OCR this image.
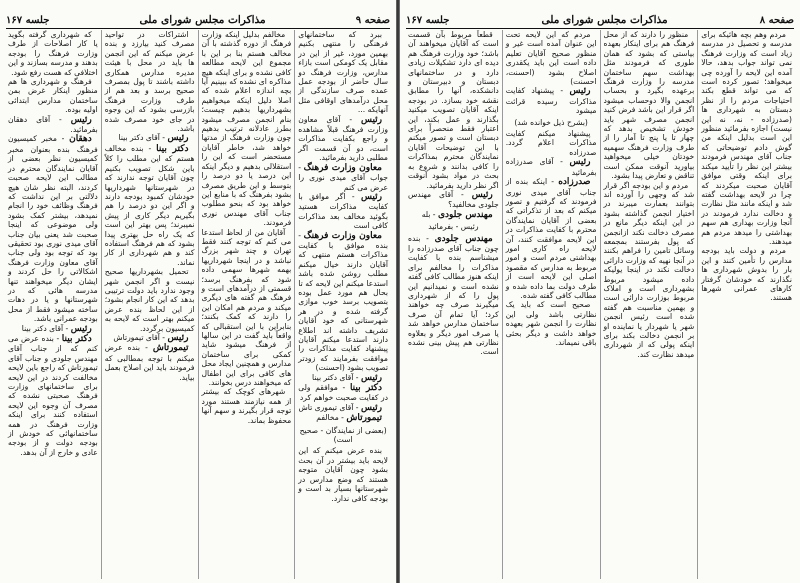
جلسه ۱۶۷	مذاکرات مجلس شورای ملی	صفحه ۹

ببرد که ساختمانهای فرهنگی را منتهی بکنیم بهمین مورد، غیر از این در مقابل یک کومکی است بازاء مدارس، وزارت فرهنگ دو سال حاضر از بودجه عمل عمده صرف سازندگی از محل درآمدهای اوقافی مثل آنهایکه ...

رئیس - آقای معاون وزارت فرهنگ قبلاً مشاهده و راجع بکفایت مذاکرات است، دو آن قسمت اگر مطلبی دارید بفرمائید.

معاون وزارت فرهنگ - جواب آقای میدی نوری را عرض می کنم

رئیس - اگر موافق با کفایت مذاکرات هستید بگوئید مخالف بعد مذاکرات کافی است

معاون وزارت فرهنگ - بنده موافق با کفایت مذاکرات هستم منتهی که آقایان دارند خیال میکنم مطلب روشن شده باشد استدعا میکنم این لایحه که تا بحال هم مورد عمل بوده بتصویب برسد خوب موازی گرفته شده و در هر شهرستانی که خود آقایان تشریف داشته اند اطلاع دارند استدعا میکنم آقایان پیشنهاد کفایت مذاکرات را موافقت بفرمایند که زودتر تصویب بشود (احسنت)

رئیس - آقای دکتر بینا

دکتر بینا - موافقم ولی در کفایت صحبت خواهم کرد

رئیس - آقای تیموری تاش

تیمورتاش - مخالفم

(بعضی از نمایندگان - صحیح است)

بنده عرض میکنم که این لایحه باید بیشتر در آن بحث بشود چون آقایان متوجه هستند که وضع مدارس در شهرستانها بسیار بد است و بودجه کافی ندارد.

مخالفم بدلیل اینکه وزارت فرهنگ از دوره گذشته با آن مخالف هستم بنا بر این با مجموع این لایحه مطالعه کافی نشده و برای اینکه هیچ مذاکره ای نشده که ببینیم آیا بچه اندازه اعلام شده که اصلا دلیل اینکه میخواهیم بشهرداریها بدهیم چیست؛ بنام انجمن مصرف میشود بطرز عادلانه ترتیب بدهیم چون وزارت فرهنگ از مدتها خواهد شد، خاطر آقایان مستحضر است که این را استقلالی بدهیم و دیگر اینکه این درصد یا دو درصد را بتوسط و این طریق مصرف بشود بفرهنگ که با منابع این خواهد بود که بنحو مطلوب جناب آقای مهندس نوری فرمودند.

آقایان من از لحاظ استدعا می کنم که توجه کنند فقط تهران و چند شهر بزرگ نباشد و در اینجا شهرداریها بهمه شهرها سهمی داده شود که بفرهنگ برسد؛ قسمتی از درآمدهای است و فرهنگ هم گفته های دیگری میکند و مردم هم امکان این را دارند که کمک بکنند؛ بنابراین با این استقبالی که واقعاً باید گفت در این سالها از فرهنگ میشود شاید کمکی برای ساختمان مدارس و همچنین ایجاد محل های کافی برای این اطفال که میخواهند درس بخوانند.

شهرهای کوچک که بیشتر از همه نیازمند هستند مورد توجه قرار بگیرند و سهم آنها محفوظ بماند.

اشتراکات در تواحید مصرف کنید بیارزد و بنده عرض میکنم که این انجمن ها باید در محل با هیئت مدیره مدارس همکاری داشته باشند تا پول بمصرف صحیح برسد و بعد هم از طرف وزارت فرهنگ بازرسی بشود که این وجوه در جای خود مصرف شده باشد.

رئیس - آقای دکتر بینا

دکتر بینا - بنده مخالف هستم که این مطلب را کلاً باین شکل تصویب بکنیم چون آقایان توجه ندارند که در شهرستانها شهرداریها خودشان کمبود بودجه دارند و اگر این دو درصد را هم بگیریم دیگر کاری از پیش نمیبرند؛ پس بهتر این است که یک راه حل بهتری پیدا بشود که هم فرهنگ استفاده کند و هم شهرداری از کار نماند.

تحمیل بشهرداریها صحیح نیست و اگر انجمن شهر وجود ندارد باید دولت ترتیبی بدهد که این کار انجام بشود؛ از این لحاظ بنده عرض میکنم بهتر است که لایحه به کمیسیون برگردد.

رئیس - آقای تیمورتاش

تیمورتاش - بنده عرض میکنم با توجه بمطالبی که فرمودند باید این اصلاح بعمل بیاید.

که شهرداری گرفته بگوید یا کار اصلاحات از طرف وزارت فرهنگ را بودجه بدهند و مدرسه بسازند و این اختلافی که هست رفع شود.

فرهنگ و شهرداری ها هم منظور اینکار غرض بمن ساختمان مدارس ابتدائی اولیه بوده.

رئیس - آقای دهقان بفرمائید.

دهقان - مخبر کمیسیون فرهنگ بنده بعنوان مخبر کمیسیون نظر بعضی از آقایان نمایندگان محترم در مطالب این لایحه صحبت کردند، البته نظر شان هیچ دلالتی بر این نداشت که فرهنگ وظائف خود را انجام نمیدهد، بیشتر کمک بشود ولی موضوعی که اینجا صحبت شد یعنی بیان جناب آقای میدی نوری بود تحقیقی بود که توجه بود ولی جناب آقای معاون وزارت فرهنگ اشکالاتی را حل کردند و ایشان دیگر میخواهند تنها مدرسه هائی که در شهرستانها و یا در دهات ساخته میشود فقط از محل بودجه عمرانی باشد.

رئیس - آقای دکتر بینا

دکتر بینا - بنده عرض می کنم که از جناب آقای مهندس جلودی و جناب آقای تیمورتاش که راجع باین لایحه مخالفت کردند در این لایحه برای ساختمانهای وزارت فرهنگ صحبتی نشده که مصرف آن وجوه این لایحه استفاده کنند برای اینکه وزارت فرهنگ در همه ساختمانهائی که خودش از بودجه دولت و از بودجه عادی و خارج از آن بدهد.

جلسه ۱۶۷	مذاکرات مجلس شورای ملی	صفحه ۸

مردم وهم بچه هائیکه برای مدرسه و تحصیل در مدرسه زیاد است که وزارت فرهنگ نمی تواند جواب بدهد، حالا آمده این لایحه را آورده چی میخواهد؛ تصور کرده است که می تواند قطع بکند احتیاجات مردم را از نظر دبستان به شهرداری ها (صدرزاده - نه، نه این نیست) اجازه بفرمائید منظور این است بدلیل اینکه من گوش دادم توضیحاتی که جناب آقای مهندس فرمودند بیشتر این نظر را تأیید میکند برای اینکه وقتی موافق آقایان صحبت میکردند که چرا در لایحه بهداشت گفته شد و اینکه مانند مثل نظارت و دخالت ندارد فرمودند در آنجا وزارت بهداری هم سهم بهداشتی را میدهد مردم هم میدهند.

مردم و دولت باید بودجه مدارس را تأمین کنند و این بار را بدوش شهرداری ها نگذارند که خودشان گرفتار کارهای عمرانی شهرها هستند.

منظور را دارند که از محل فرهنگ هم برای اینکار بعهده بیاستی که بشود که همان طوری که فرمودند مثل بهداشت سهم ساختمان مدرسه را وزارت فرهنگ برعهده بگیرد و بحساب انجمن والا دوحساب میشود اگر قرار این باشد فرض کنید انجمن مصرف شهر باید خودش تشخیص بدهد که چهار تا یا پنج تا آمار را از طرف وزارت فرهنگ سهمیه خودتان خیلی میخواهید بیاورید آنوقت ممکن است تناقض و تعارض پیدا بشود.

مردم و این بودجه اگر قرار شد که وجهی را آورده اند بتوانند بعمارت میبرند در اختیار انجمن گذاشته بشود در این اینکه دیگر مانع در مصرف دخالت نکند ازانجمن که پول بفرستند بمجمعه وسائل تامین را فراهم بکنند در آنجا نهیه که وزارت دارائی دخالت نکند در اینجا یولیکه داده میشود مربوط بشهرداری است و املاک مربوط بوزارت دارائی است و بهمین مناسبت هم گفته شده است رئیس انجمن شهر یا شهردار یا نماینده او بر انجمن دخالت بکند برای اینکه پولی که از شهرداری میدهد نظارت کند.

مردم که این لایحه تحت این عنوان آمده است غیر و منظور صحیح آقایان تعلیم داده است این باید یکقدری اصلاح بشود (احسنت، احسنت)

رئیس - پیشنهاد کفایت مذاکرات رسیده قرائت میشود

(بشرح ذیل خوانده شد)

پیشنهاد میکنم کفایت مذاکرات اعلام گردد. صدرزاده

رئیس - آقای صدرزاده بفرمائید

صدرزاده - اینکه بنده از جناب آقای میدی نوری فرمودند که گرفتیم و تصور میکنم که بعد از تذکراتی که بعضی از آقایان نمایندگان محترم با کفایت مذاکرات در این لایحه موافقت کنند، آن لایحه راه کاری امور بهداشتی مردم است و امور مربوط به مدارس که مقصود اصلی این لایحه است از طرف دولت بما داده شده و مطالب کافی گفته شده.

صحیح است که باید یک نظارتی باشد ولی این نظارت را انجمن شهر بعهده خواهد داشت و دیگر بحثی باقی نمیماند.

قطعاً مربوط بآن قسمت است که آقایان میخواهند آن باشد؛ خود وزارت فرهنگ هم دیده ای دارد تشکیلات زیادی دارد و در ساختمانهای دبستان و دبیرستان و دانشکده، آنها را مطابق نقشه خود بسازد. در بودجه اینکه آقایان تصویب میکنید بگذارند و عمل بکند، این اعتبار فقط منحصراً برای دبستان است و تصور میکنم با این توضیحات آقایان نمایندگان محترم بمذاکرات را کافی بدانند و شروع به بحث در مواد بشود آنوقت اگر نظر دارید بفرمائید.

رئیس - آقای مهندس جلودی مخالفید؟

مهندس جلودی - بله

رئیس - بفرمائید

مهندس جلودی - بنده چون جناب آقای صدرزاده را میشناسم بنده با کفایت مذاکرات را مخالفم برای اینکه هنوز مطالب کافی گفته نشده است و نمیدانیم این پول را که از شهرداری میگیرند صرف چه خواهند کرد؛ آیا تمام آن صرف ساختمان مدارس خواهد شد یا صرف امور دیگر و بعلاوه نظارتی هم پیش بینی نشده است.
